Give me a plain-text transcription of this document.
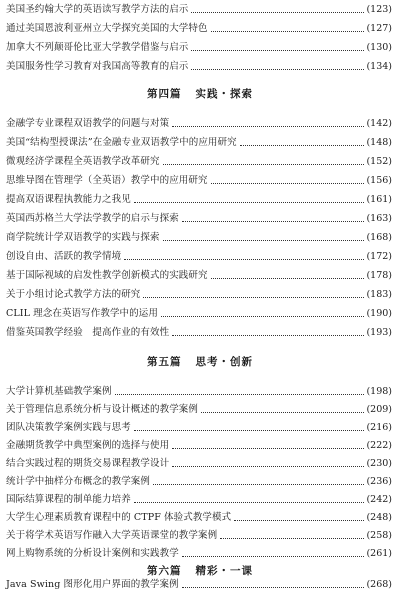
美国圣约翰大学的英语读写教学方法的启示	(123)
通过美国恩波利亚州立大学探究美国的大学特色	(127)
加拿大不列颠哥伦比亚大学教学借鉴与启示	(130)
美国服务性学习教育对我国高等教育的启示	(134)
第四篇 实践・探索
金融学专业课程双语教学的问题与对策	(142)
美国“结构型授课法”在金融专业双语教学中的应用研究	(148)
微观经济学课程全英语教学改革研究	(152)
思维导图在管理学（全英语）教学中的应用研究	(156)
提高双语课程执教能力之我见	(161)
英国西苏格兰大学法学教学的启示与探索	(163)
商学院统计学双语教学的实践与探索	(168)
创设自由、活跃的教学情境	(172)
基于国际视域的启发性教学创新模式的实践研究	(178)
关于小组讨论式教学方法的研究	(183)
CLIL 理念在英语写作教学中的运用	(190)
借鉴英国教学经验　提高作业的有效性	(193)
第五篇 思考・创新
大学计算机基础教学案例	(198)
关于管理信息系统分析与设计概述的教学案例	(209)
团队决策教学案例实践与思考	(216)
金融期货教学中典型案例的选择与使用	(222)
结合实践过程的期货交易课程教学设计	(230)
统计学中抽样分布概念的教学案例	(236)
国际结算课程的制单能力培养	(242)
大学生心理素质教育课程中的 CTPF 体验式教学模式	(248)
关于将学术英语写作融入大学英语课堂的教学案例	(258)
网上购物系统的分析设计案例和实践教学	(261)
第六篇 精彩・一课
Java Swing 图形化用户界面的教学案例	(268)
